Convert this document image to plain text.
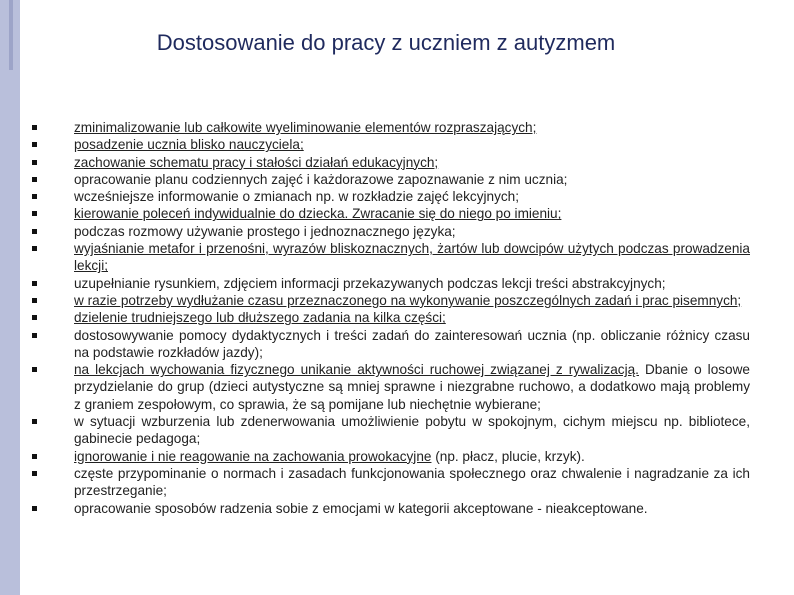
Dostosowanie do pracy z uczniem z autyzmem
zminimalizowanie lub całkowite wyeliminowanie elementów rozpraszających;
posadzenie ucznia blisko nauczyciela;
zachowanie schematu pracy i stałości działań edukacyjnych;
opracowanie planu codziennych zajęć i każdorazowe zapoznawanie z nim ucznia;
wcześniejsze informowanie o zmianach np. w rozkładzie zajęć lekcyjnych;
kierowanie poleceń indywidualnie do dziecka. Zwracanie się do niego po imieniu;
podczas rozmowy używanie prostego i jednoznacznego języka;
wyjaśnianie metafor i przenośni, wyrazów bliskoznacznych, żartów lub dowcipów użytych podczas prowadzenia lekcji;
uzupełnianie rysunkiem, zdjęciem informacji przekazywanych podczas lekcji treści abstrakcyjnych;
w razie potrzeby wydłużanie czasu przeznaczonego na wykonywanie poszczególnych zadań i prac pisemnych;
dzielenie trudniejszego lub dłuższego zadania na kilka części;
dostosowywanie pomocy dydaktycznych i treści zadań do zainteresowań ucznia (np. obliczanie różnicy czasu na podstawie rozkładów jazdy);
na lekcjach wychowania fizycznego unikanie aktywności ruchowej związanej z rywalizacją. Dbanie o losowe przydzielanie do grup (dzieci autystyczne są mniej sprawne i niezgrabne ruchowo, a dodatkowo mają problemy z graniem zespołowym, co sprawia, że są pomijane lub niechętnie wybierane;
w sytuacji wzburzenia lub zdenerwowania umożliwienie pobytu w spokojnym, cichym miejscu np. bibliotece, gabinecie pedagoga;
ignorowanie i nie reagowanie na zachowania prowokacyjne (np. płacz, plucie, krzyk).
częste przypominanie o normach i zasadach funkcjonowania społecznego oraz chwalenie i nagradzanie za ich przestrzeganie;
opracowanie sposobów radzenia sobie z emocjami w kategorii akceptowane - nieakceptowane.
